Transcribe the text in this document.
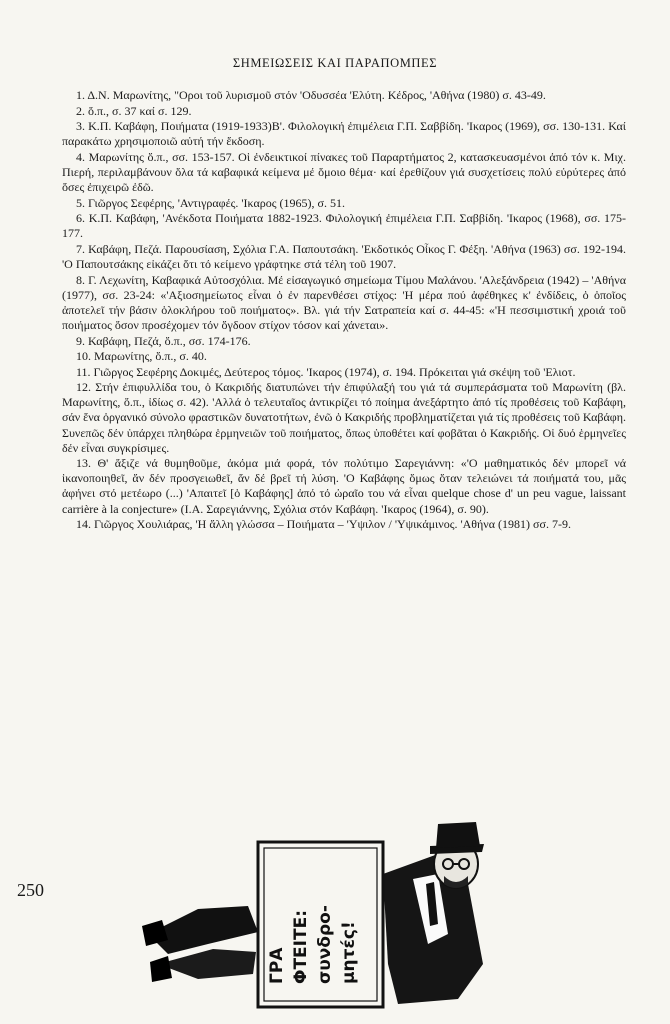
ΣΗΜΕΙΩΣΕΙΣ ΚΑΙ ΠΑΡΑΠΟΜΠΕΣ

1. Δ.Ν. Μαρωνίτης, "Ορoι τοῦ λυρισμοῦ στόν 'Οδυσσέα 'Ελύτη. Κέδρος, 'Αθήνα (1980) σ. 43-49.

2. ὅ.π., σ. 37 καί σ. 129.

3. Κ.Π. Καβάφη, Ποιήματα (1919-1933)Β'. Φιλολογική ἐπιμέλεια Γ.Π. Σαββίδη. 'Ικαρος (1969), σσ. 130-131. Καί παρακάτω χρησιμοποιῶ αὐτή τήν ἔκδοση.

4. Μαρωνίτης ὅ.π., σσ. 153-157. Οἱ ἐνδεικτικοί πίνακες τοῦ Παραρτήματος 2, κατασκευασμένοι ἀπό τόν κ. Μιχ. Πιερή, περιλαμβάνουν ὅλα τά καβαφικά κείμενα μέ ὅμοιο θέμα· καί ἐρεθίζουν γιά συσχετίσεις πολύ εὐρύτερες ἀπό ὅσες ἐπιχειρῶ ἐδῶ.

5. Γιῶργος Σεφέρης, 'Αντιγραφές. 'Ικαρος (1965), σ. 51.

6. Κ.Π. Καβάφη, 'Ανέκδοτα Ποιήματα 1882-1923. Φιλολογική ἐπιμέλεια Γ.Π. Σαββίδη. 'Ικαρος (1968), σσ. 175-177.

7. Καβάφη, Πεζά. Παρουσίαση, Σχόλια Γ.Α. Παπουτσάκη. 'Εκδοτικός Οἶκος Γ. Φέξη. 'Αθήνα (1963) σσ. 192-194. 'Ο Παπουτσάκης εἰκάζει ὅτι τό κείμενο γράφτηκε στά τέλη τοῦ 1907.

8. Γ. Λεχωνίτη, Καβαφικά Αὐτοσχόλια. Μέ εἰσαγωγικό σημείωμα Τίμου Μαλάνου. 'Αλεξάνδρεια (1942) – 'Αθήνα (1977), σσ. 23-24: «'Αξιοσημείωτος εἶναι ὁ ἐν παρενθέσει στίχος: 'Η μέρα πού ἀφέθηκες κ' ἐνδίδεις, ὁ ὁποῖος ἀποτελεῖ τήν βάσιν ὁλοκλήρου τοῦ ποιήματος». Βλ. γιά τήν Σατραπεία καί σ. 44-45: «'Η πεσσιμιστική χροιά τοῦ ποιήματος ὅσον προσέχομεν τόν ὄγδοον στίχον τόσον καί χάνεται».

9. Καβάφη, Πεζά, ὅ.π., σσ. 174-176.

10. Μαρωνίτης, ὅ.π., σ. 40.

11. Γιῶργος Σεφέρης Δοκιμές, Δεύτερος τόμος. 'Ικαρος (1974), σ. 194. Πρόκειται γιά σκέψη τοῦ 'Ελιοτ.

12. Στήν ἐπιφυλλίδα του, ὁ Κακριδής διατυπώνει τήν ἐπιφύλαξή του γιά τά συμπεράσματα τοῦ Μαρωνίτη (βλ. Μαρωνίτης, ὅ.π., ἰδίως σ. 42). 'Αλλά ὁ τελευταῖος ἀντικρίζει τό ποίημα ἀνεξάρτητο ἀπό τίς προθέσεις τοῦ Καβάφη, σάν ἕνα ὀργανικό σύνολο φραστικῶν δυνατοτήτων, ἐνῶ ὁ Κακριδής προβληματίζεται γιά τίς προθέσεις τοῦ Καβάφη. Συνεπῶς δέν ὑπάρχει πληθώρα ἑρμηνειῶν τοῦ ποιήματος, ὅπως ὑποθέτει καί φοβᾶται ὁ Κακριδής. Οἱ δυό ἑρμηνεῖες δέν εἶναι συγκρίσιμες.

13. Θ' ἄξιζε νά θυμηθοῦμε, ἀκόμα μιά φορά, τόν πολύτιμο Σαρεγιάννη: «'Ο μαθηματικός δέν μπορεῖ νά ἱκανοποιηθεῖ, ἄν δέν προσγειωθεῖ, ἄν δέ βρεῖ τή λύση. 'Ο Καβάφης ὅμως ὅταν τελειώνει τά ποιήματά του, μᾶς ἀφήνει στό μετέωρο (...) 'Απαιτεῖ [ὁ Καβάφης] ἀπό τό ὡραῖο του νά εἶναι quelque chose d' un peu vague, laissant carrière à la conjecture» (Ι.Α. Σαρεγιάννης, Σχόλια στόν Καβάφη. 'Ικαρος (1964), σ. 90).

14. Γιῶργος Χουλιάρας, 'Η ἄλλη γλώσσα – Ποιήματα – 'Υψιλον / 'Υψικάμινος. 'Αθήνα (1981) σσ. 7-9.

250
ΓΡΑ ΦΤΕΙΤΕ: συνδρο- μητές!
